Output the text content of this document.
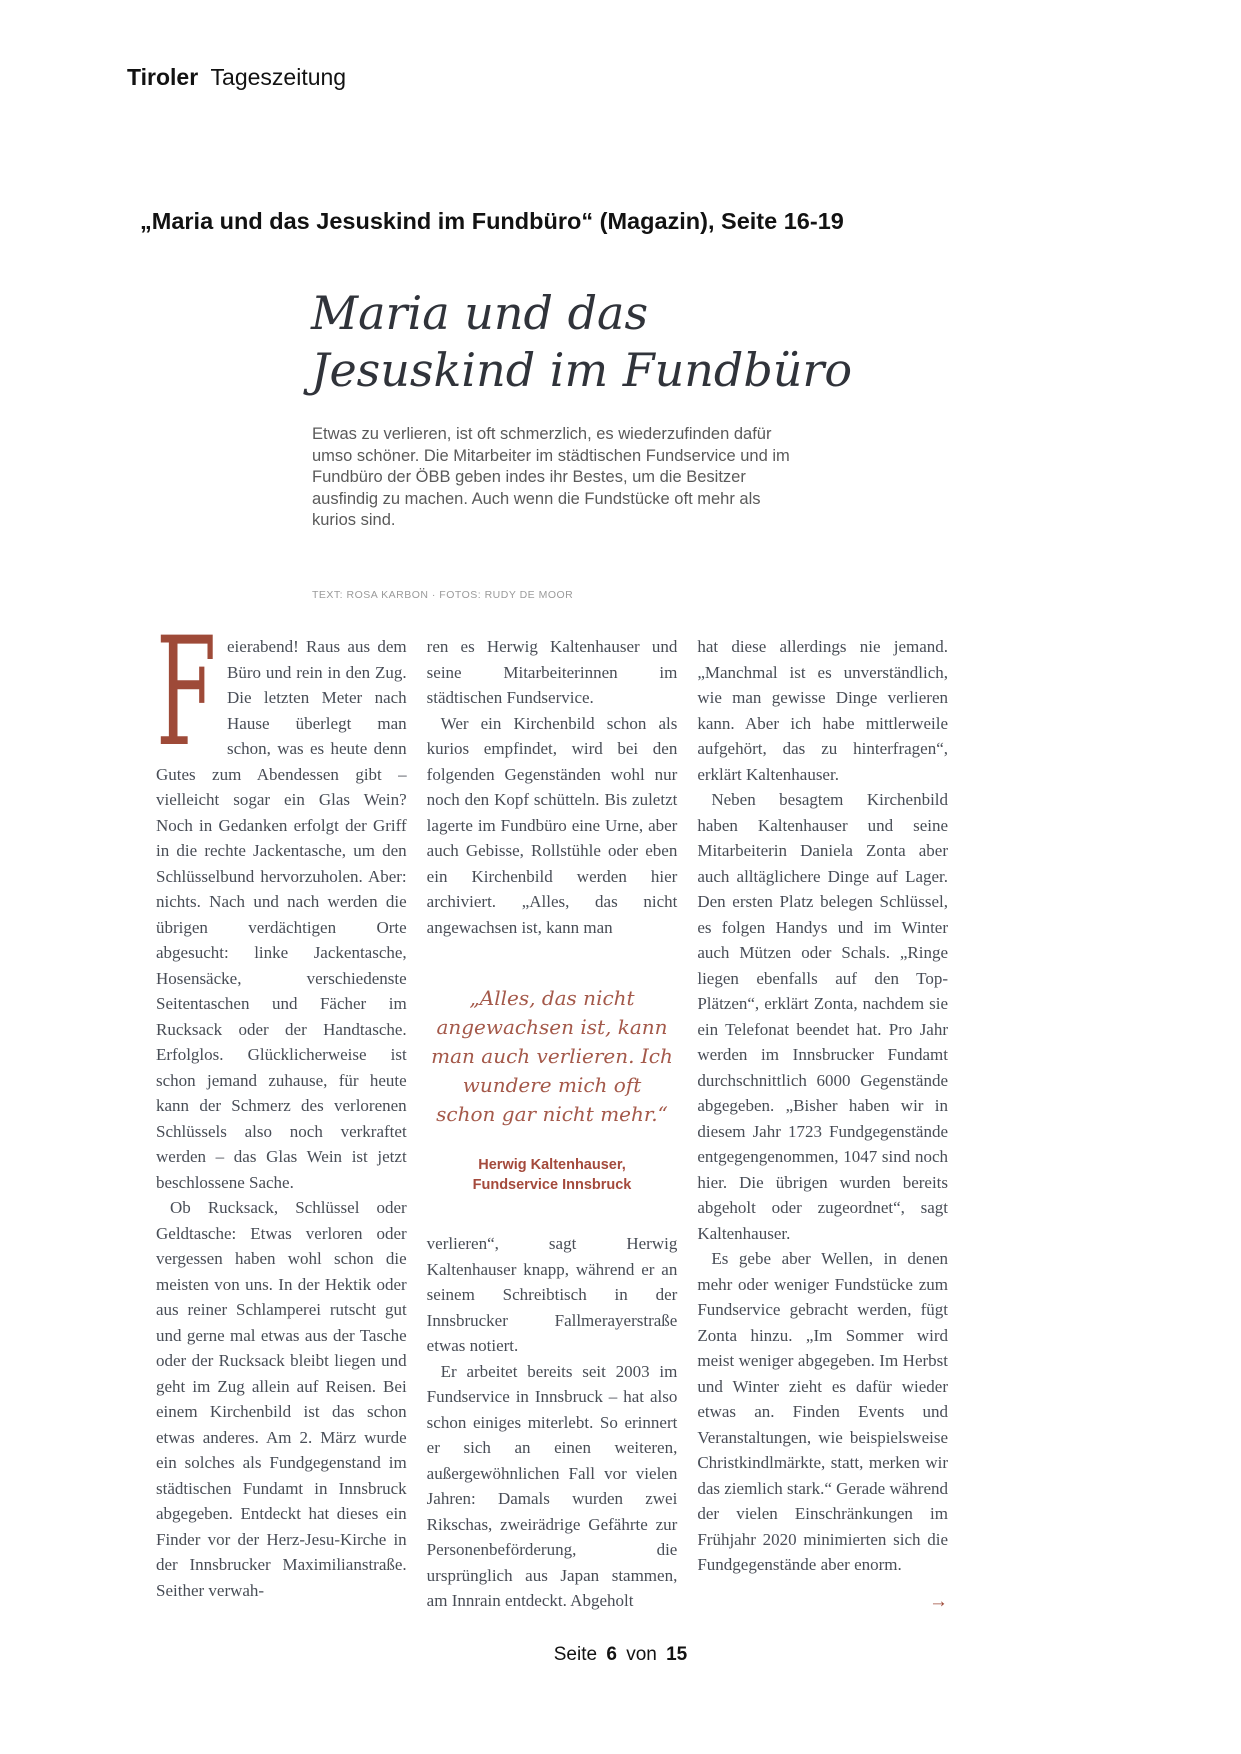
Tiroler Tageszeitung
„Maria und das Jesuskind im Fundbüro“ (Magazin), Seite 16-19
Maria und das
Jesuskind im Fundbüro
Etwas zu verlieren, ist oft schmerzlich, es wiederzufinden dafür umso schöner. Die Mitarbeiter im städtischen Fundservice und im Fundbüro der ÖBB geben indes ihr Bestes, um die Besitzer ausfindig zu machen. Auch wenn die Fundstücke oft mehr als kurios sind.
TEXT: ROSA KARBON · FOTOS: RUDY DE MOOR

F eierabend! Raus aus dem Büro und rein in den Zug. Die letzten Meter nach Hause überlegt man schon, was es heute denn Gutes zum Abendessen gibt – vielleicht sogar ein Glas Wein? Noch in Gedanken erfolgt der Griff in die rechte Jackentasche, um den Schlüsselbund hervorzuholen. Aber: nichts. Nach und nach werden die übrigen verdächtigen Orte abgesucht: linke Jackentasche, Hosensäcke, verschiedenste Seitentaschen und Fächer im Rucksack oder der Handtasche. Erfolglos. Glücklicherweise ist schon jemand zuhause, für heute kann der Schmerz des verlorenen Schlüssels also noch verkraftet werden – das Glas Wein ist jetzt beschlossene Sache.

Ob Rucksack, Schlüssel oder Geldtasche: Etwas verloren oder vergessen haben wohl schon die meisten von uns. In der Hektik oder aus reiner Schlamperei rutscht gut und gerne mal etwas aus der Tasche oder der Rucksack bleibt liegen und geht im Zug allein auf Reisen. Bei einem Kirchenbild ist das schon etwas anderes. Am 2. März wurde ein solches als Fundgegenstand im städtischen Fundamt in Innsbruck abgegeben. Entdeckt hat dieses ein Finder vor der Herz-Jesu-Kirche in der Innsbrucker Maximilianstraße. Seither verwah-

ren es Herwig Kaltenhauser und seine Mitarbeiterinnen im städtischen Fundservice.

Wer ein Kirchenbild schon als kurios empfindet, wird bei den folgenden Gegenständen wohl nur noch den Kopf schütteln. Bis zuletzt lagerte im Fundbüro eine Urne, aber auch Gebisse, Rollstühle oder eben ein Kirchenbild werden hier archiviert. „Alles, das nicht angewachsen ist, kann man

„Alles, das nicht angewachsen ist, kann man auch verlieren. Ich wundere mich oft schon gar nicht mehr.“
Herwig Kaltenhauser,
Fundservice Innsbruck

verlieren“, sagt Herwig Kaltenhauser knapp, während er an seinem Schreibtisch in der Innsbrucker Fallmerayerstraße etwas notiert.

Er arbeitet bereits seit 2003 im Fundservice in Innsbruck – hat also schon einiges miterlebt. So erinnert er sich an einen weiteren, außergewöhnlichen Fall vor vielen Jahren: Damals wurden zwei Rikschas, zweirädrige Gefährte zur Personenbeförderung, die ursprünglich aus Japan stammen, am Innrain entdeckt. Abgeholt

hat diese allerdings nie jemand. „Manchmal ist es unverständlich, wie man gewisse Dinge verlieren kann. Aber ich habe mittlerweile aufgehört, das zu hinterfragen“, erklärt Kaltenhauser.

Neben besagtem Kirchenbild haben Kaltenhauser und seine Mitarbeiterin Daniela Zonta aber auch alltäglichere Dinge auf Lager. Den ersten Platz belegen Schlüssel, es folgen Handys und im Winter auch Mützen oder Schals. „Ringe liegen ebenfalls auf den Top-Plätzen“, erklärt Zonta, nachdem sie ein Telefonat beendet hat. Pro Jahr werden im Innsbrucker Fundamt durchschnittlich 6000 Gegenstände abgegeben. „Bisher haben wir in diesem Jahr 1723 Fundgegenstände entgegengenommen, 1047 sind noch hier. Die übrigen wurden bereits abgeholt oder zugeordnet“, sagt Kaltenhauser.

Es gebe aber Wellen, in denen mehr oder weniger Fundstücke zum Fundservice gebracht werden, fügt Zonta hinzu. „Im Sommer wird meist weniger abgegeben. Im Herbst und Winter zieht es dafür wieder etwas an. Finden Events und Veranstaltungen, wie beispielsweise Christkindlmärkte, statt, merken wir das ziemlich stark.“ Gerade während der vielen Einschränkungen im Frühjahr 2020 minimierten sich die Fundgegenstände aber enorm.

→
Seite 6 von 15
